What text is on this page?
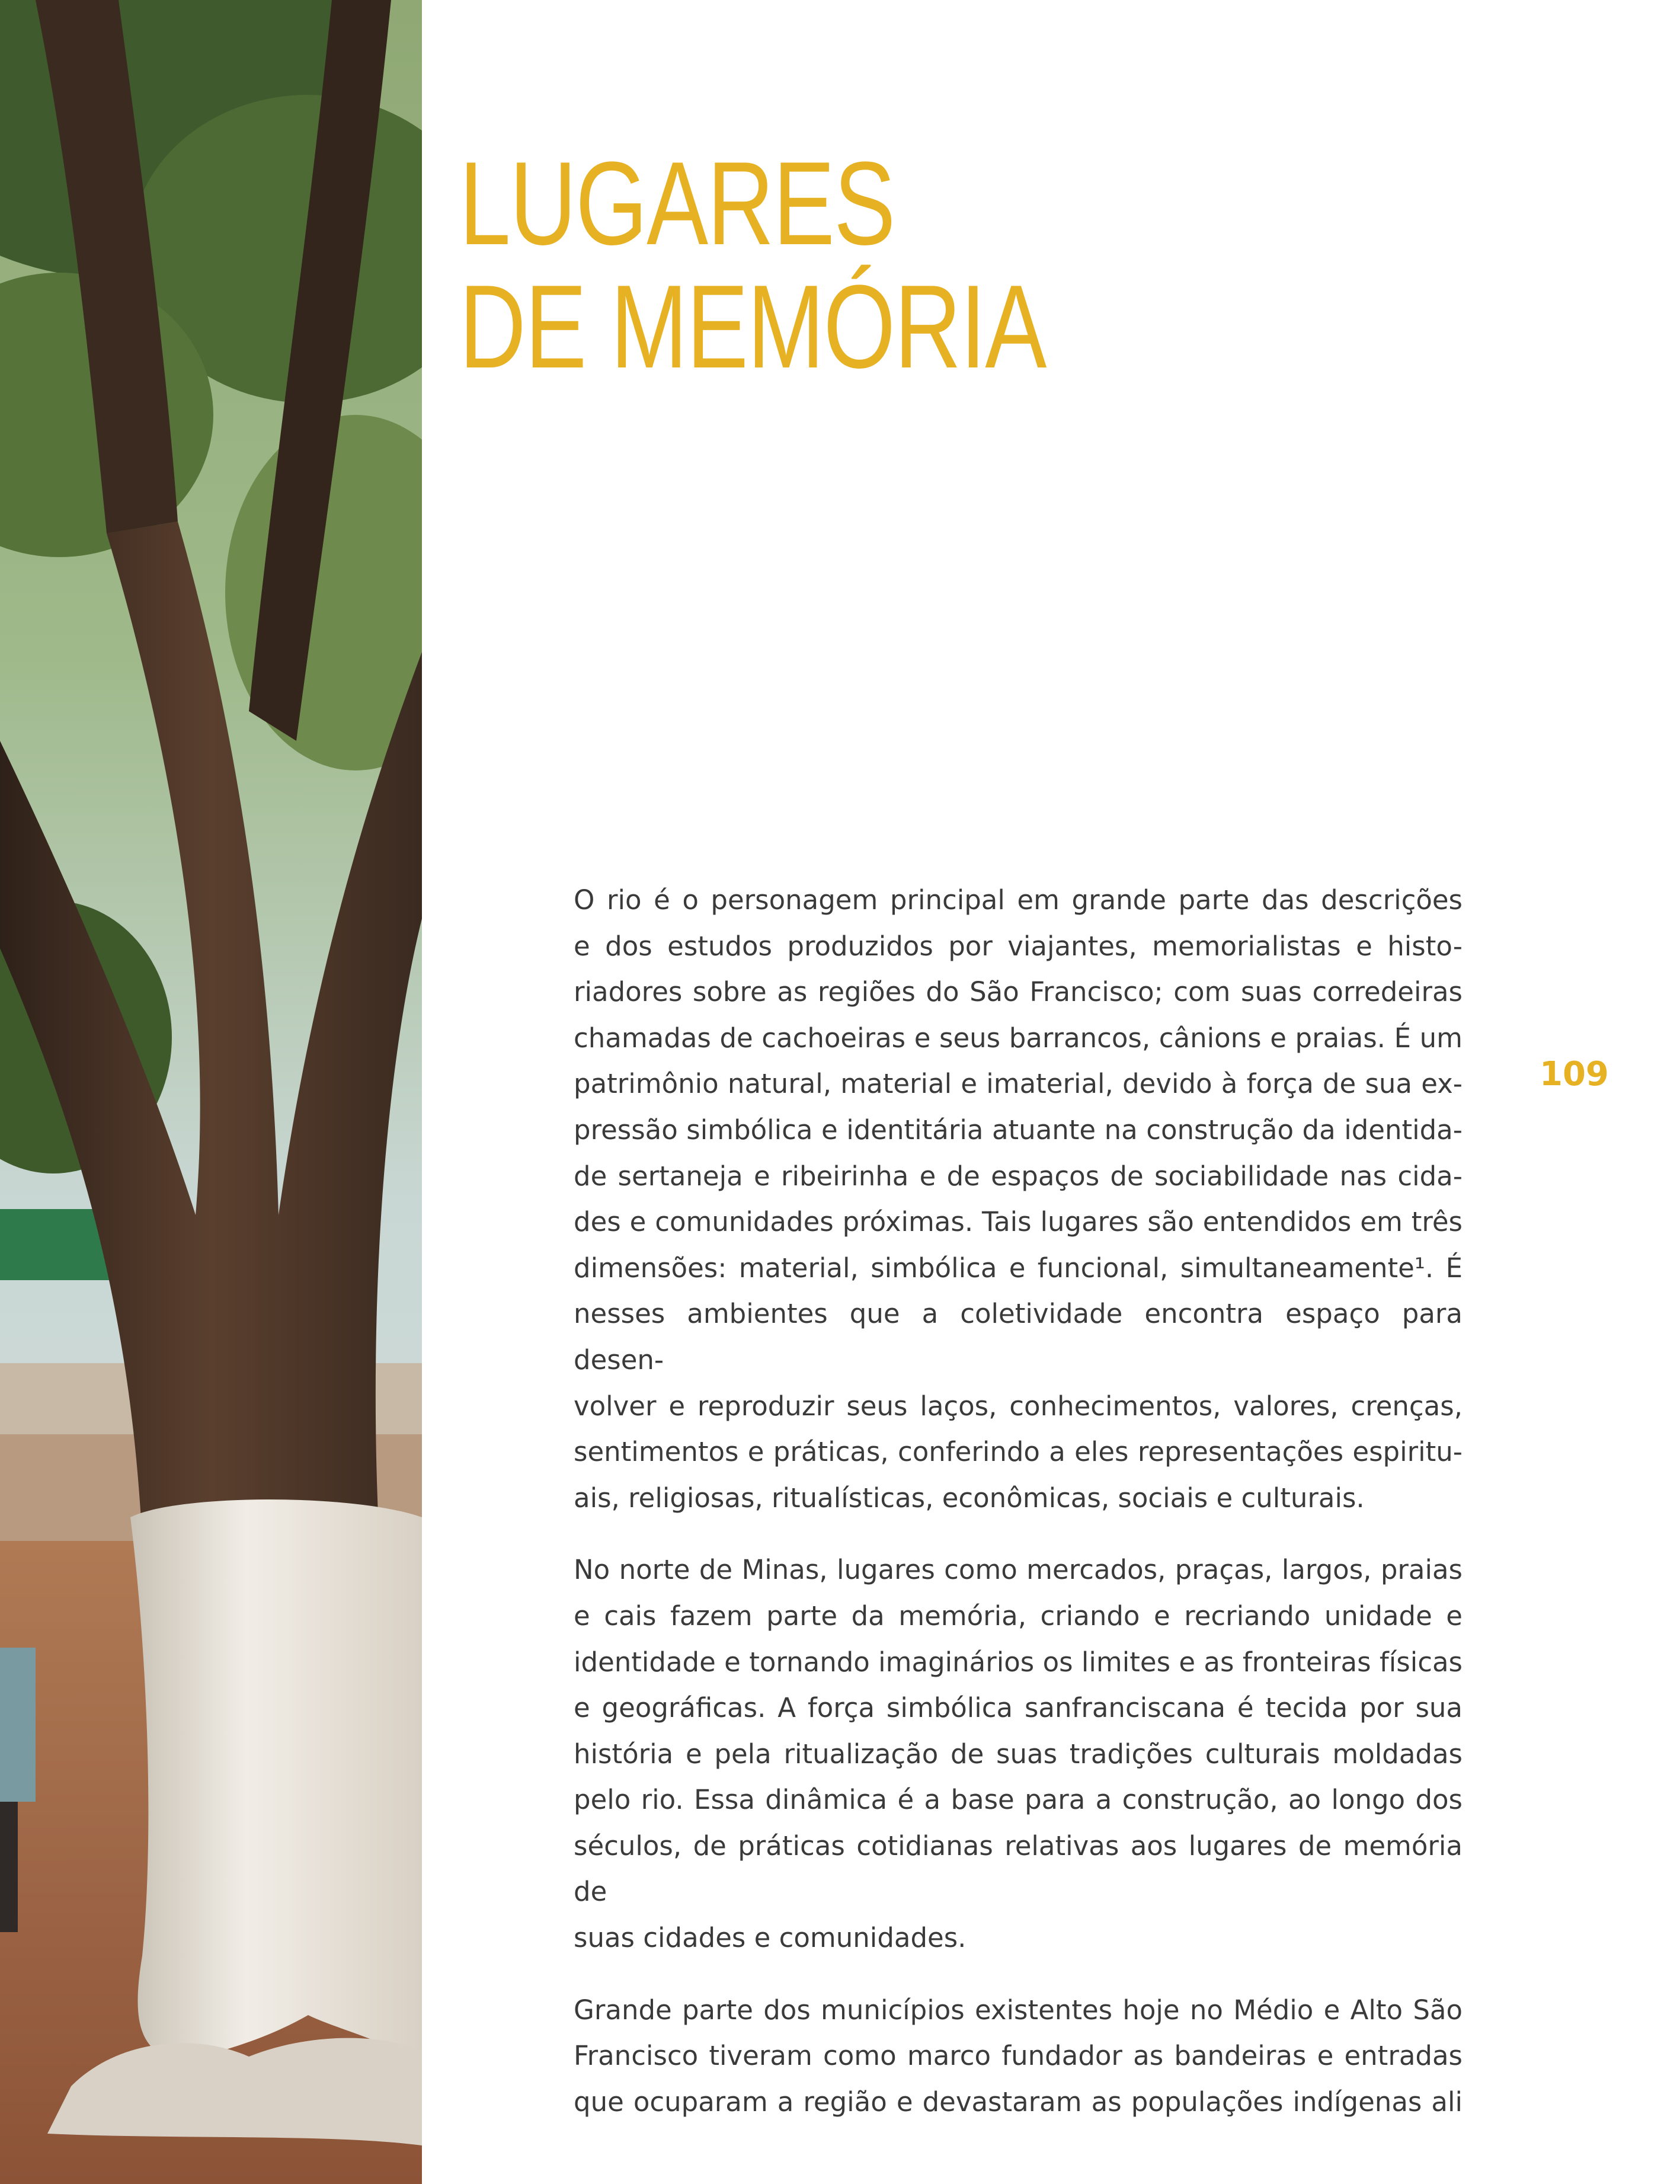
LUGARES
DE MEMÓRIA
109

O rio é o personagem principal em grande parte das descrições
e dos estudos produzidos por viajantes, memorialistas e histo-
riadores sobre as regiões do São Francisco; com suas corredeiras
chamadas de cachoeiras e seus barrancos, cânions e praias. É um
patrimônio natural, material e imaterial, devido à força de sua ex-
pressão simbólica e identitária atuante na construção da identida-
de sertaneja e ribeirinha e de espaços de sociabilidade nas cida-
des e comunidades próximas. Tais lugares são entendidos em três
dimensões: material, simbólica e funcional, simultaneamente¹. É
nesses ambientes que a coletividade encontra espaço para desen-
volver e reproduzir seus laços, conhecimentos, valores, crenças,
sentimentos e práticas, conferindo a eles representações espiritu-
ais, religiosas, ritualísticas, econômicas, sociais e culturais.

No norte de Minas, lugares como mercados, praças, largos, praias
e cais fazem parte da memória, criando e recriando unidade e
identidade e tornando imaginários os limites e as fronteiras físicas
e geográficas. A força simbólica sanfranciscana é tecida por sua
história e pela ritualização de suas tradições culturais moldadas
pelo rio. Essa dinâmica é a base para a construção, ao longo dos
séculos, de práticas cotidianas relativas aos lugares de memória de
suas cidades e comunidades.

Grande parte dos municípios existentes hoje no Médio e Alto São
Francisco tiveram como marco fundador as bandeiras e entradas
que ocuparam a região e devastaram as populações indígenas ali
